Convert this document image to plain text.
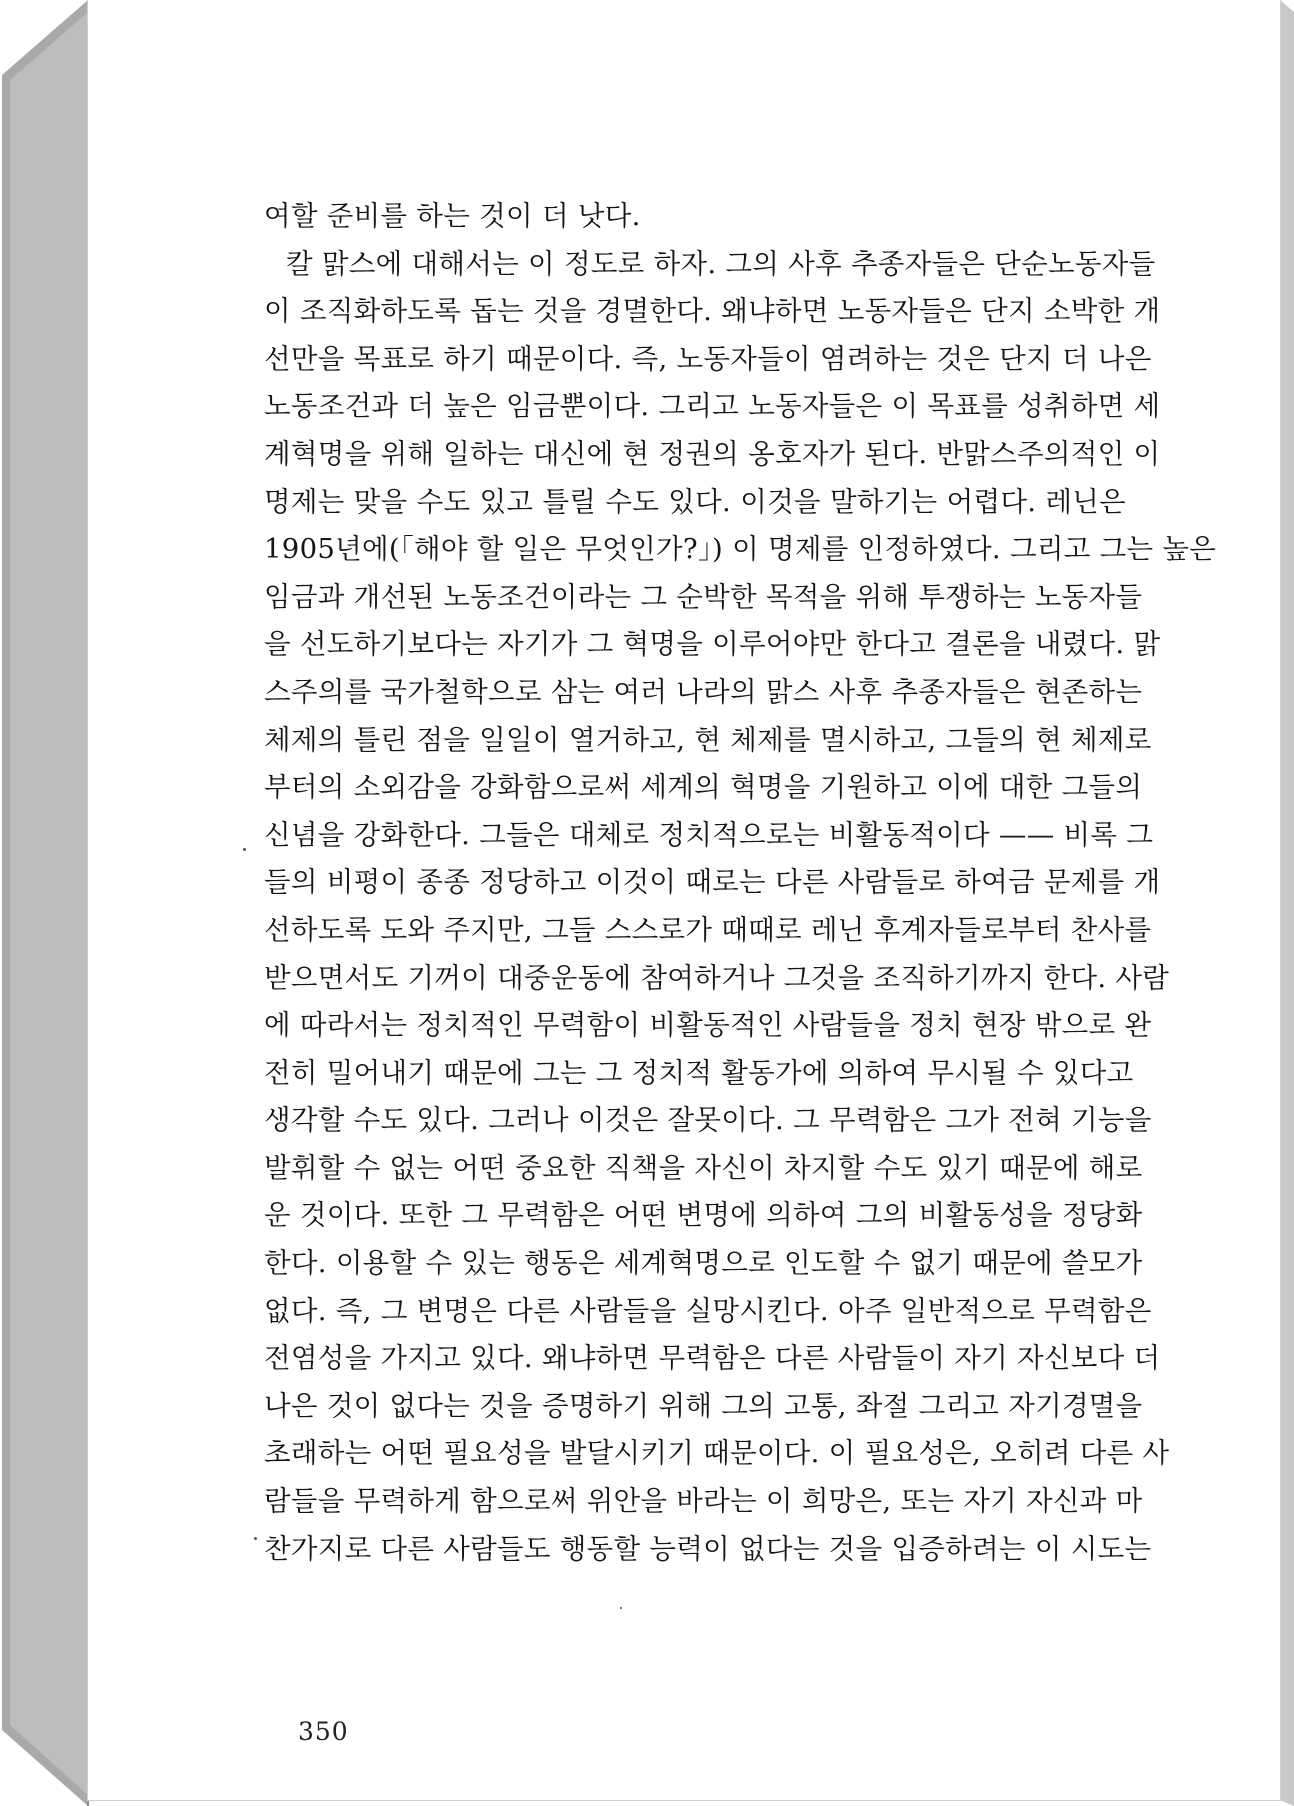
여할 준비를 하는 것이 더 낫다.
칼 맑스에 대해서는 이 정도로 하자. 그의 사후 추종자들은 단순노동자들
이 조직화하도록 돕는 것을 경멸한다. 왜냐하면 노동자들은 단지 소박한 개
선만을 목표로 하기 때문이다. 즉, 노동자들이 염려하는 것은 단지 더 나은
노동조건과 더 높은 임금뿐이다. 그리고 노동자들은 이 목표를 성취하면 세
계혁명을 위해 일하는 대신에 현 정권의 옹호자가 된다. 반맑스주의적인 이
명제는 맞을 수도 있고 틀릴 수도 있다. 이것을 말하기는 어렵다. 레닌은
1905년에(「해야 할 일은 무엇인가?」) 이 명제를 인정하였다. 그리고 그는 높은
임금과 개선된 노동조건이라는 그 순박한 목적을 위해 투쟁하는 노동자들
을 선도하기보다는 자기가 그 혁명을 이루어야만 한다고 결론을 내렸다. 맑
스주의를 국가철학으로 삼는 여러 나라의 맑스 사후 추종자들은 현존하는
체제의 틀린 점을 일일이 열거하고, 현 체제를 멸시하고, 그들의 현 체제로
부터의 소외감을 강화함으로써 세계의 혁명을 기원하고 이에 대한 그들의
신념을 강화한다. 그들은 대체로 정치적으로는 비활동적이다 —— 비록 그
들의 비평이 종종 정당하고 이것이 때로는 다른 사람들로 하여금 문제를 개
선하도록 도와 주지만, 그들 스스로가 때때로 레닌 후계자들로부터 찬사를
받으면서도 기꺼이 대중운동에 참여하거나 그것을 조직하기까지 한다. 사람
에 따라서는 정치적인 무력함이 비활동적인 사람들을 정치 현장 밖으로 완
전히 밀어내기 때문에 그는 그 정치적 활동가에 의하여 무시될 수 있다고
생각할 수도 있다. 그러나 이것은 잘못이다. 그 무력함은 그가 전혀 기능을
발휘할 수 없는 어떤 중요한 직책을 자신이 차지할 수도 있기 때문에 해로
운 것이다. 또한 그 무력함은 어떤 변명에 의하여 그의 비활동성을 정당화
한다. 이용할 수 있는 행동은 세계혁명으로 인도할 수 없기 때문에 쓸모가
없다. 즉, 그 변명은 다른 사람들을 실망시킨다. 아주 일반적으로 무력함은
전염성을 가지고 있다. 왜냐하면 무력함은 다른 사람들이 자기 자신보다 더
나은 것이 없다는 것을 증명하기 위해 그의 고통, 좌절 그리고 자기경멸을
초래하는 어떤 필요성을 발달시키기 때문이다. 이 필요성은, 오히려 다른 사
람들을 무력하게 함으로써 위안을 바라는 이 희망은, 또는 자기 자신과 마
찬가지로 다른 사람들도 행동할 능력이 없다는 것을 입증하려는 이 시도는
350
